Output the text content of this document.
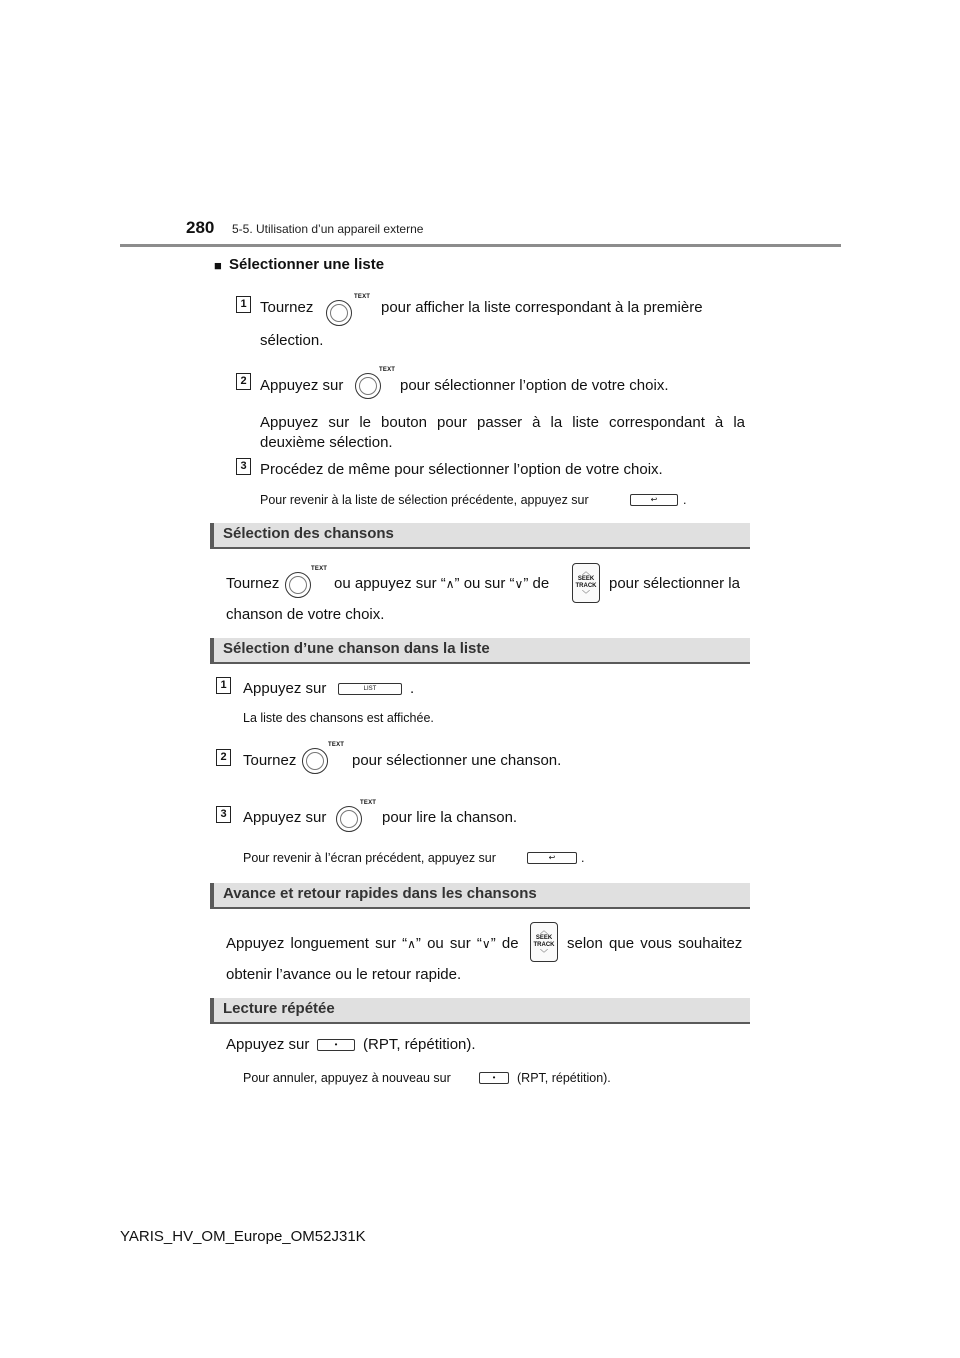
280 5-5. Utilisation d’un appareil externe
■ Sélectionner une liste
1 Tournez
TEXT
pour afficher la liste correspondant à la première
sélection.
2 Appuyez sur
TEXT
pour sélectionner l’option de votre choix.
Appuyez sur le bouton pour passer à la liste correspondant à la
deuxième sélection.
3 Procédez de même pour sélectionner l’option de votre choix.
Pour revenir à la liste de sélection précédente, appuyez sur	↩	.
Sélection des chansons
Tournez
TEXT
ou appuyez sur “∧” ou sur “∨” de
︿
SEEK
TRACK
﹀
pour sélectionner la
chanson de votre choix.
Sélection d’une chanson dans la liste
1 Appuyez sur	LIST	.
La liste des chansons est affichée.
2 Tournez
TEXT
pour sélectionner une chanson.
3 Appuyez sur
TEXT
pour lire la chanson.
Pour revenir à l’écran précédent, appuyez sur	↩	.
Avance et retour rapides dans les chansons
Appuyez longuement sur “∧” ou sur “∨” de
︿
SEEK
TRACK
﹀
selon que vous souhaitez
obtenir l’avance ou le retour rapide.
Lecture répétée
Appuyez sur	•	(RPT, répétition).
Pour annuler, appuyez à nouveau sur	•	(RPT, répétition).
YARIS_HV_OM_Europe_OM52J31K
